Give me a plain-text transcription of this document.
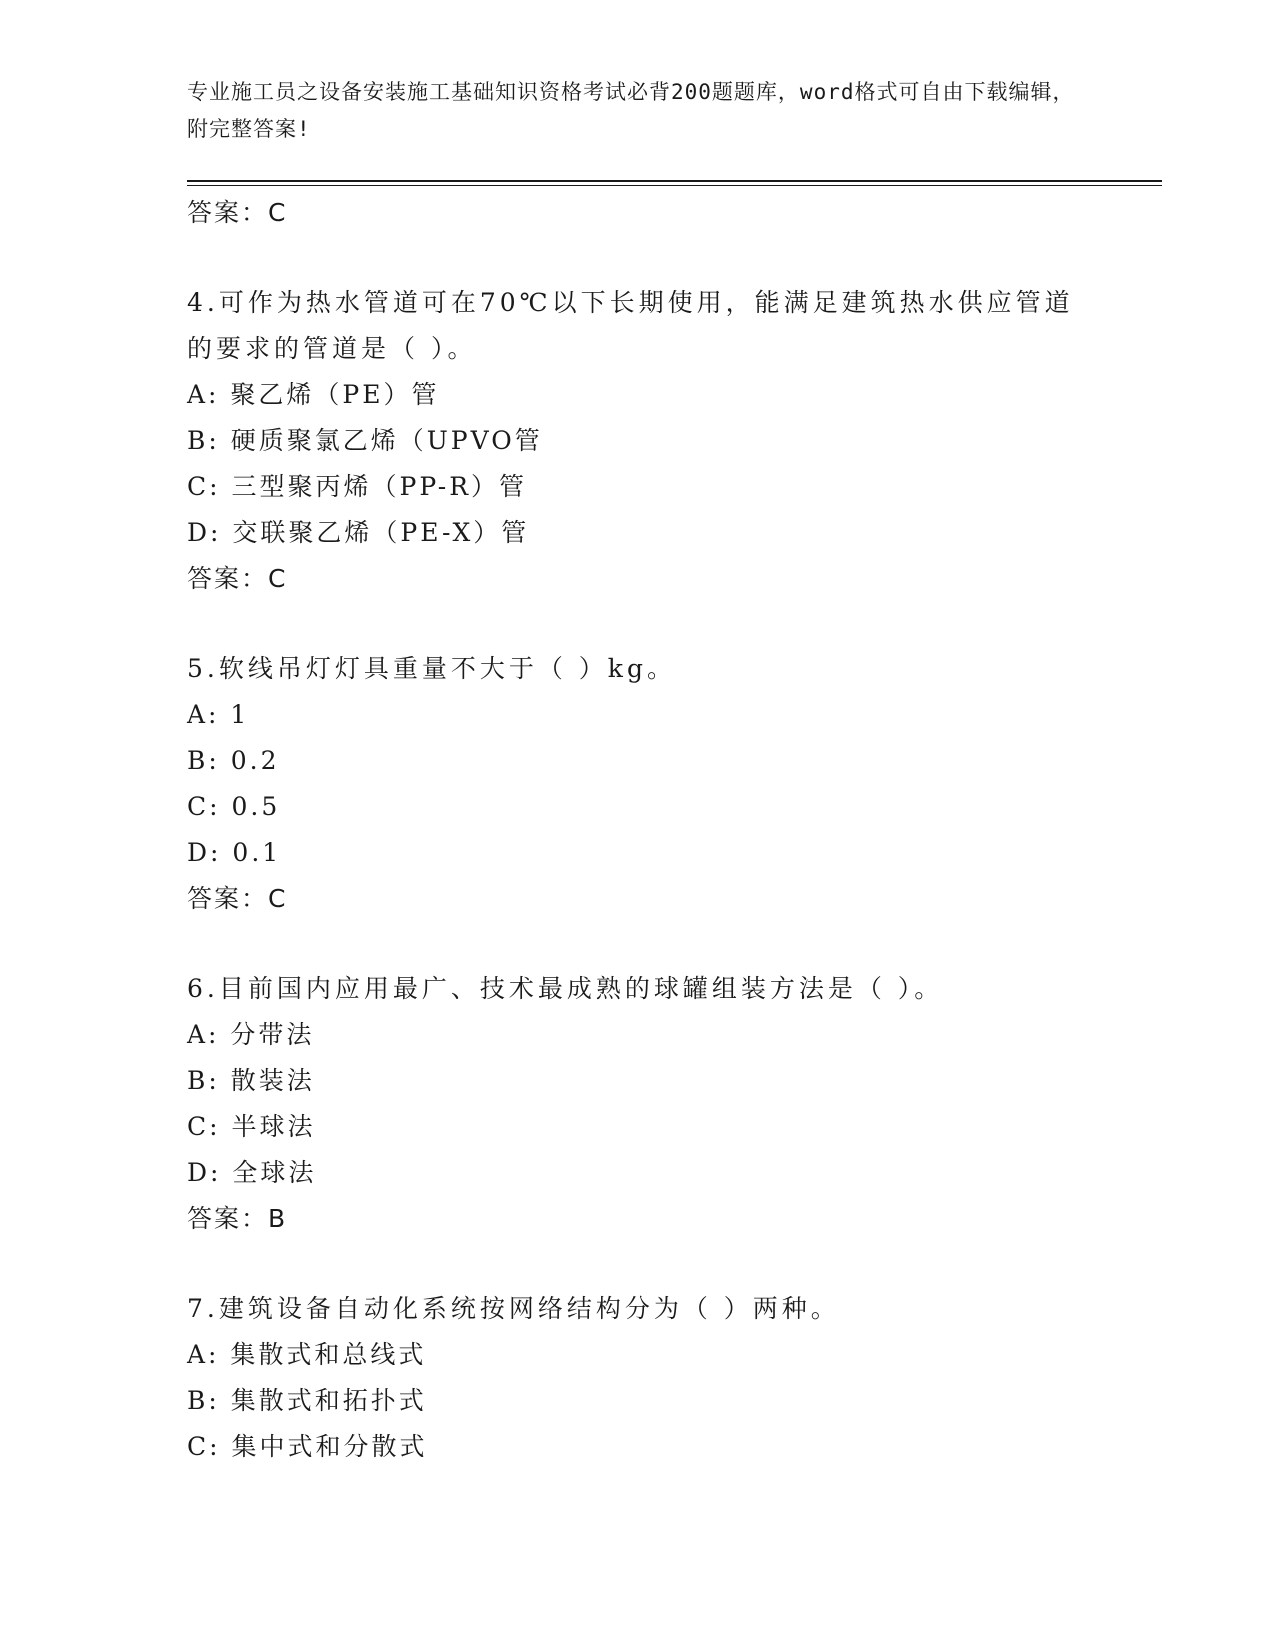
专业施工员之设备安装施工基础知识资格考试必背200题题库，word格式可自由下载编辑，附完整答案!
答案：C
4.可作为热水管道可在70℃以下长期使用，能满足建筑热水供应管道的要求的管道是（ ）。
A: 聚乙烯（PE）管
B: 硬质聚氯乙烯（UPVO管
C: 三型聚丙烯（PP-R）管
D: 交联聚乙烯（PE-X）管
答案：C
5.软线吊灯灯具重量不大于（ ）kg。
A: 1
B: 0.2
C: 0.5
D: 0.1
答案：C
6.目前国内应用最广、技术最成熟的球罐组装方法是（ ）。
A: 分带法
B: 散装法
C: 半球法
D: 全球法
答案：B
7.建筑设备自动化系统按网络结构分为（ ）两种。
A: 集散式和总线式
B: 集散式和拓扑式
C: 集中式和分散式
